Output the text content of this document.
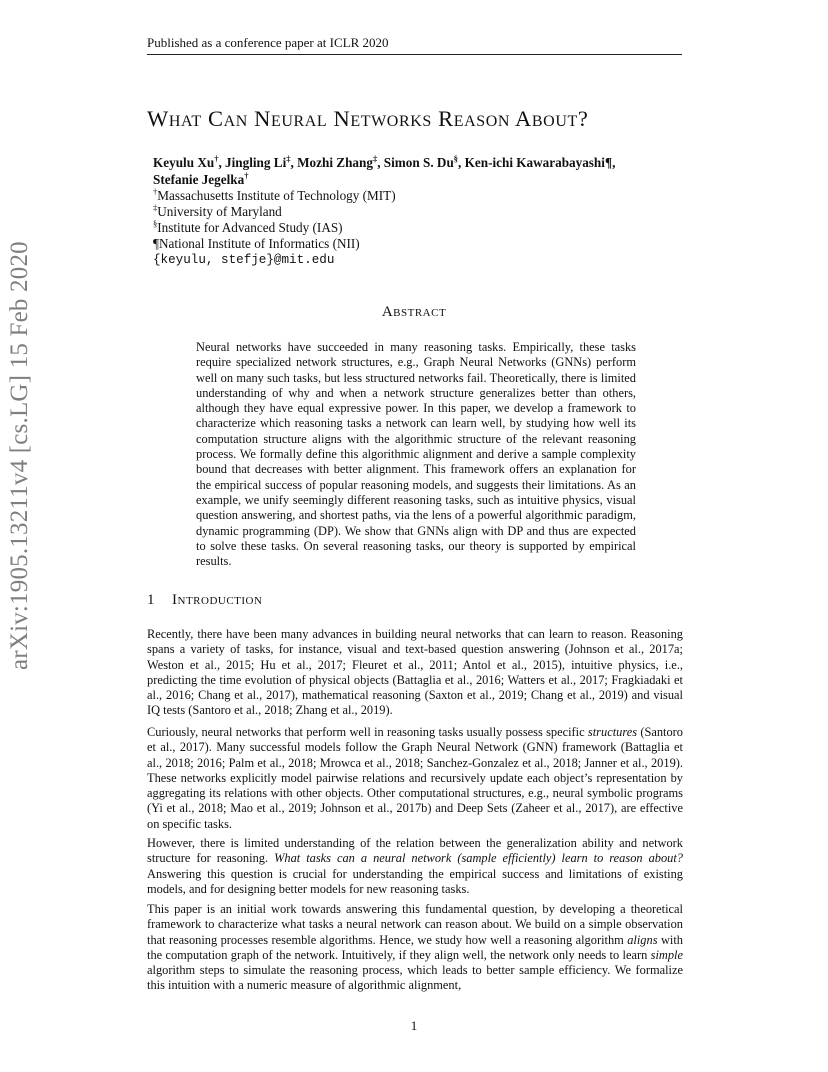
Published as a conference paper at ICLR 2020
arXiv:1905.13211v4 [cs.LG] 15 Feb 2020
What Can Neural Networks Reason About?
Keyulu Xu†, Jingling Li‡, Mozhi Zhang‡, Simon S. Du§, Ken-ichi Kawarabayashi¶,
Stefanie Jegelka†
†Massachusetts Institute of Technology (MIT)
‡University of Maryland
§Institute for Advanced Study (IAS)
¶National Institute of Informatics (NII)
{keyulu, stefje}@mit.edu
Abstract
Neural networks have succeeded in many reasoning tasks. Empirically, these tasks require specialized network structures, e.g., Graph Neural Networks (GNNs) perform well on many such tasks, but less structured networks fail. Theoretically, there is limited understanding of why and when a network structure generalizes better than others, although they have equal expressive power. In this paper, we develop a framework to characterize which reasoning tasks a network can learn well, by studying how well its computation structure aligns with the algorithmic structure of the relevant reasoning process. We formally define this algorithmic alignment and derive a sample complexity bound that decreases with better alignment. This framework offers an explanation for the empirical success of popular reasoning models, and suggests their limitations. As an example, we unify seemingly different reasoning tasks, such as intuitive physics, visual question answering, and shortest paths, via the lens of a powerful algorithmic paradigm, dynamic programming (DP). We show that GNNs align with DP and thus are expected to solve these tasks. On several reasoning tasks, our theory is supported by empirical results.
1 Introduction

Recently, there have been many advances in building neural networks that can learn to reason. Reasoning spans a variety of tasks, for instance, visual and text-based question answering (Johnson et al., 2017a; Weston et al., 2015; Hu et al., 2017; Fleuret et al., 2011; Antol et al., 2015), intuitive physics, i.e., predicting the time evolution of physical objects (Battaglia et al., 2016; Watters et al., 2017; Fragkiadaki et al., 2016; Chang et al., 2017), mathematical reasoning (Saxton et al., 2019; Chang et al., 2019) and visual IQ tests (Santoro et al., 2018; Zhang et al., 2019).

Curiously, neural networks that perform well in reasoning tasks usually possess specific structures (Santoro et al., 2017). Many successful models follow the Graph Neural Network (GNN) framework (Battaglia et al., 2018; 2016; Palm et al., 2018; Mrowca et al., 2018; Sanchez-Gonzalez et al., 2018; Janner et al., 2019). These networks explicitly model pairwise relations and recursively update each object’s representation by aggregating its relations with other objects. Other computational structures, e.g., neural symbolic programs (Yi et al., 2018; Mao et al., 2019; Johnson et al., 2017b) and Deep Sets (Zaheer et al., 2017), are effective on specific tasks.

However, there is limited understanding of the relation between the generalization ability and network structure for reasoning. What tasks can a neural network (sample efficiently) learn to reason about? Answering this question is crucial for understanding the empirical success and limitations of existing models, and for designing better models for new reasoning tasks.

This paper is an initial work towards answering this fundamental question, by developing a theoretical framework to characterize what tasks a neural network can reason about. We build on a simple observation that reasoning processes resemble algorithms. Hence, we study how well a reasoning algorithm aligns with the computation graph of the network. Intuitively, if they align well, the network only needs to learn simple algorithm steps to simulate the reasoning process, which leads to better sample efficiency. We formalize this intuition with a numeric measure of algorithmic alignment,

1
